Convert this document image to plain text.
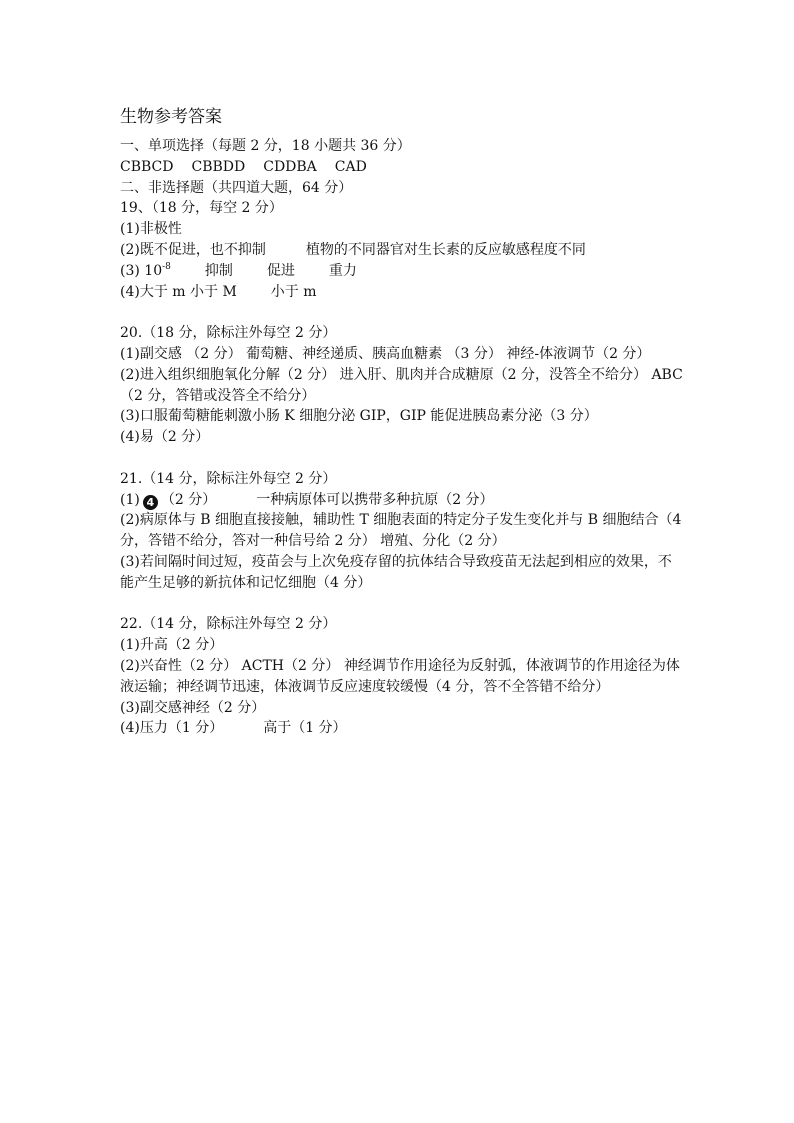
生物参考答案
一、单项选择（每题 2 分，18 小题共 36 分）
CBBCD CBBDD CDDBA CAD
二、非选择题（共四道大题，64 分）
19、（18 分，每空 2 分）
(1)非极性
(2)既不促进，也不抑制	植物的不同器官对生长素的反应敏感程度不同
(3) $10^{-8}$ 抑制 促进 重力
(4)大于 m 小于 M 小于 m
20.（18 分，除标注外每空 2 分）
(1)副交感 （2 分） 葡萄糖、神经递质、胰高血糖素 （3 分） 神经-体液调节（2 分）
(2)进入组织细胞氧化分解（2 分） 进入肝、肌肉并合成糖原（2 分，没答全不给分） ABC（2 分，答错或没答全不给分）
(3)口服葡萄糖能刺激小肠 K 细胞分泌 GIP，GIP 能促进胰岛素分泌（3 分）
(4)易（2 分）
21.（14 分，除标注外每空 2 分）
(1) 4 （2 分）	一种病原体可以携带多种抗原（2 分）
(2)病原体与 B 细胞直接接触，辅助性 T 细胞表面的特定分子发生变化并与 B 细胞结合（4 分，答错不给分，答对一种信号给 2 分） 增殖、分化（2 分）
(3)若间隔时间过短，疫苗会与上次免疫存留的抗体结合导致疫苗无法起到相应的效果，不能产生足够的新抗体和记忆细胞（4 分）
22.（14 分，除标注外每空 2 分）
(1)升高（2 分）
(2)兴奋性（2 分） ACTH（2 分） 神经调节作用途径为反射弧，体液调节的作用途径为体液运输；神经调节迅速，体液调节反应速度较缓慢（4 分，答不全答错不给分）
(3)副交感神经（2 分）
(4)压力（1 分）	高于（1 分）
